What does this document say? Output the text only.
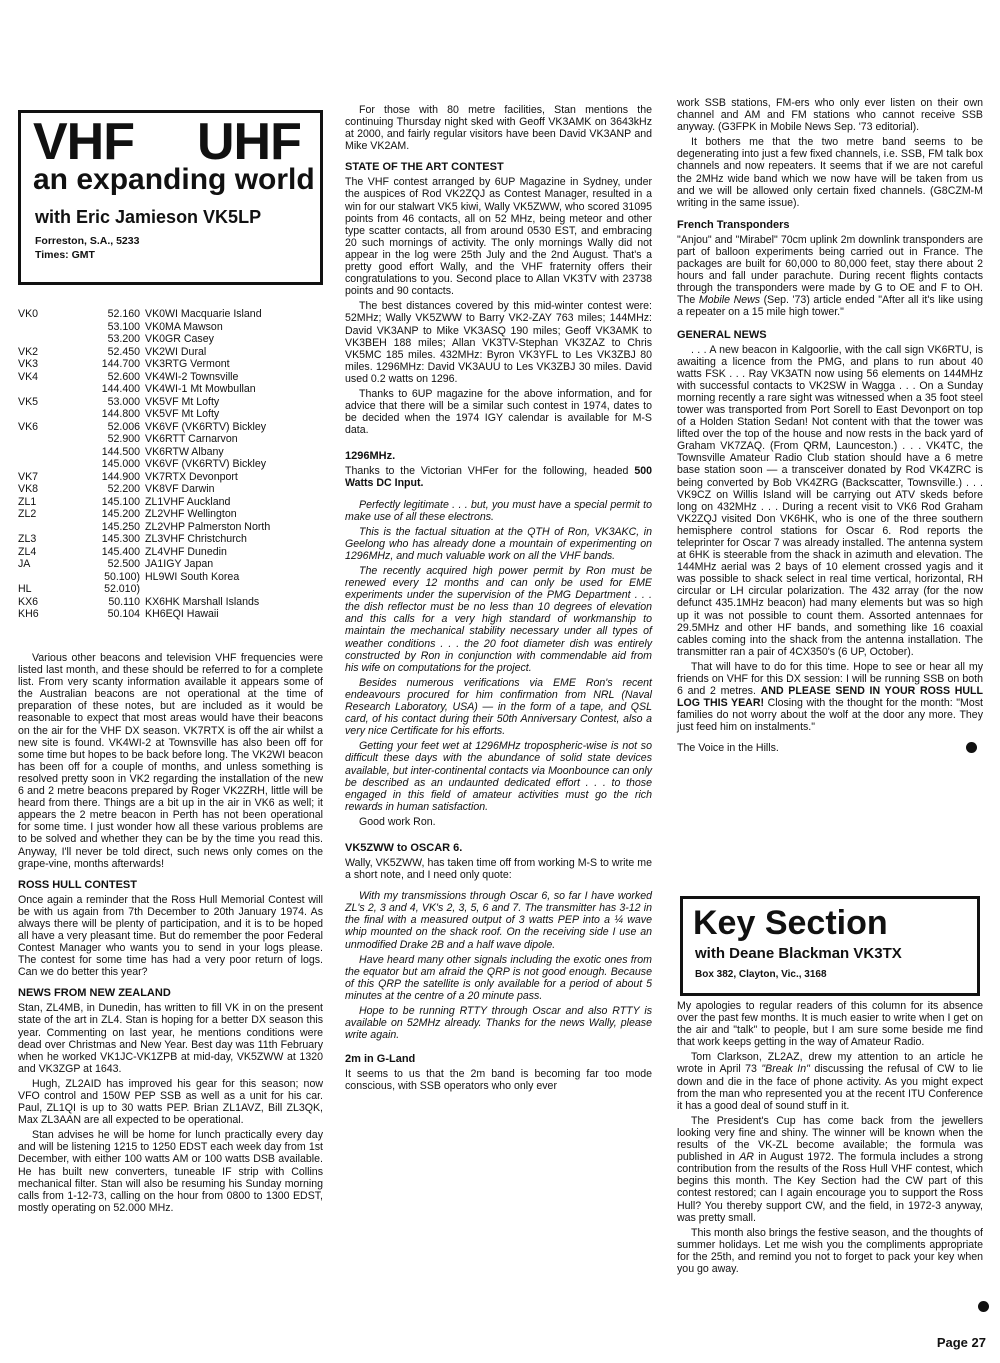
VHF UHF
an expanding world
with Eric Jamieson VK5LP
Forreston, S.A., 5233
Times: GMT
VK0	52.160	VK0WI Macquarie Island
	53.100	VK0MA Mawson
	53.200	VK0GR Casey
VK2	52.450	VK2WI Dural
VK3	144.700	VK3RTG Vermont
VK4	52.600	VK4WI-2 Townsville
	144.400	VK4WI-1 Mt Mowbullan
VK5	53.000	VK5VF Mt Lofty
	144.800	VK5VF Mt Lofty
VK6	52.006	VK6VF (VK6RTV) Bickley
	52.900	VK6RTT Carnarvon
	144.500	VK6RTW Albany
	145.000	VK6VF (VK6RTV) Bickley
VK7	144.900	VK7RTX Devonport
VK8	52.200	VK8VF Darwin
ZL1	145.100	ZL1VHF Auckland
ZL2	145.200	ZL2VHF Wellington
	145.250	ZL2VHP Palmerston North
ZL3	145.300	ZL3VHF Christchurch
ZL4	145.400	ZL4VHF Dunedin
JA	52.500	JA1IGY Japan
	50.100)	HL9WI South Korea
HL	52.010)	
KX6	50.110	KX6HK Marshall Islands
KH6	50.104	KH6EQI Hawaii

Various other beacons and television VHF frequencies were listed last month, and these should be referred to for a complete list. From very scanty information available it appears some of the Australian beacons are not operational at the time of preparation of these notes, but are included as it would be reasonable to expect that most areas would have their beacons on the air for the VHF DX season. VK7RTX is off the air whilst a new site is found. VK4WI-2 at Townsville has also been off for some time but hopes to be back before long. The VK2WI beacon has been off for a couple of months, and unless something is resolved pretty soon in VK2 regarding the installation of the new 6 and 2 metre beacons prepared by Roger VK2ZRH, little will be heard from there. Things are a bit up in the air in VK6 as well; it appears the 2 metre beacon in Perth has not been operational for some time. I just wonder how all these various problems are to be solved and whether they can be by the time you read this. Anyway, I'll never be told direct, such news only comes on the grape-vine, months afterwards!

ROSS HULL CONTEST

Once again a reminder that the Ross Hull Memorial Contest will be with us again from 7th December to 20th January 1974. As always there will be plenty of participation, and it is to be hoped all have a very pleasant time. But do remember the poor Federal Contest Manager who wants you to send in your logs please. The contest for some time has had a very poor return of logs. Can we do better this year?

NEWS FROM NEW ZEALAND

Stan, ZL4MB, in Dunedin, has written to fill VK in on the present state of the art in ZL4. Stan is hoping for a better DX season this year. Commenting on last year, he mentions conditions were dead over Christmas and New Year. Best day was 11th February when he worked VK1JC-VK1ZPB at mid-day, VK5ZWW at 1320 and VK3ZGP at 1643.

Hugh, ZL2AID has improved his gear for this season; now VFO control and 150W PEP SSB as well as a unit for his car. Paul, ZL1QI is up to 30 watts PEP. Brian ZL1AVZ, Bill ZL3QK, Max ZL3AAN are all expected to be operational.

Stan advises he will be home for lunch practically every day and will be listening 1215 to 1250 EDST each week day from 1st December, with either 100 watts AM or 100 watts DSB available. He has built new converters, tuneable IF strip with Collins mechanical filter. Stan will also be resuming his Sunday morning calls from 1-12-73, calling on the hour from 0800 to 1300 EDST, mostly operating on 52.000 MHz.

For those with 80 metre facilities, Stan mentions the continuing Thursday night sked with Geoff VK3AMK on 3643kHz at 2000, and fairly regular visitors have been David VK3ANP and Mike VK2AM.

STATE OF THE ART CONTEST

The VHF contest arranged by 6UP Magazine in Sydney, under the auspices of Rod VK2ZQJ as Contest Manager, resulted in a win for our stalwart VK5 kiwi, Wally VK5ZWW, who scored 31095 points from 46 contacts, all on 52 MHz, being meteor and other type scatter contacts, all from around 0530 EST, and embracing 20 such mornings of activity. The only mornings Wally did not appear in the log were 25th July and the 2nd August. That's a pretty good effort Wally, and the VHF fraternity offers their congratulations to you. Second place to Allan VK3TV with 23738 points and 90 contacts.

The best distances covered by this mid-winter contest were: 52MHz; Wally VK5ZWW to Barry VK2-ZAY 763 miles; 144MHz: David VK3ANP to Mike VK3ASQ 190 miles; Geoff VK3AMK to VK3BEH 188 miles; Allan VK3TV-Stephan VK3ZAZ to Chris VK5MC 185 miles. 432MHz: Byron VK3YFL to Les VK3ZBJ 80 miles. 1296MHz: David VK3AUU to Les VK3ZBJ 30 miles. David used 0.2 watts on 1296.

Thanks to 6UP magazine for the above information, and for advice that there will be a similar such contest in 1974, dates to be decided when the 1974 IGY calendar is available for M-S data.

1296MHz.

Thanks to the Victorian VHFer for the following, headed 500 Watts DC Input.

Perfectly legitimate . . . but, you must have a special permit to make use of all these electrons.

This is the factual situation at the QTH of Ron, VK3AKC, in Geelong who has already done a mountain of experimenting on 1296MHz, and much valuable work on all the VHF bands.

The recently acquired high power permit by Ron must be renewed every 12 months and can only be used for EME experiments under the supervision of the PMG Department . . . the dish reflector must be no less than 10 degrees of elevation and this calls for a very high standard of workmanship to maintain the mechanical stability necessary under all types of weather conditions . . . the 20 foot diameter dish was entirely constructed by Ron in conjunction with commendable aid from his wife on computations for the project.

Besides numerous verifications via EME Ron's recent endeavours procured for him confirmation from NRL (Naval Research Laboratory, USA) — in the form of a tape, and QSL card, of his contact during their 50th Anniversary Contest, also a very nice Certificate for his efforts.

Getting your feet wet at 1296MHz tropospheric-wise is not so difficult these days with the abundance of solid state devices available, but inter-continental contacts via Moonbounce can only be described as an undaunted dedicated effort . . . to those engaged in this field of amateur activities must go the rich rewards in human satisfaction.

Good work Ron.

VK5ZWW to OSCAR 6.

Wally, VK5ZWW, has taken time off from working M-S to write me a short note, and I need only quote:

With my transmissions through Oscar 6, so far I have worked ZL's 2, 3 and 4, VK's 2, 3, 5, 6 and 7. The transmitter has 3-12 in the final with a measured output of 3 watts PEP into a ¼ wave whip mounted on the shack roof. On the receiving side I use an unmodified Drake 2B and a half wave dipole.

Have heard many other signals including the exotic ones from the equator but am afraid the QRP is not good enough. Because of this QRP the satellite is only available for a period of about 5 minutes at the centre of a 20 minute pass.

Hope to be running RTTY through Oscar and also RTTY is available on 52MHz already. Thanks for the news Wally, please write again.

2m in G-Land

It seems to us that the 2m band is becoming far too mode conscious, with SSB operators who only ever

work SSB stations, FM-ers who only ever listen on their own channel and AM and FM stations who cannot receive SSB anyway. (G3FPK in Mobile News Sep. '73 editorial).

It bothers me that the two metre band seems to be degenerating into just a few fixed channels, i.e. SSB, FM talk box channels and now repeaters. It seems that if we are not careful the 2MHz wide band which we now have will be taken from us and we will be allowed only certain fixed channels. (G8CZM-M writing in the same issue).

French Transponders

"Anjou" and "Mirabel" 70cm uplink 2m downlink transponders are part of balloon experiments being carried out in France. The packages are built for 60,000 to 80,000 feet, stay there about 2 hours and fall under parachute. During recent flights contacts through the transponders were made by G to OE and F to OH. The Mobile News (Sep. '73) article ended "After all it's like using a repeater on a 15 mile high tower."

GENERAL NEWS

. . . A new beacon in Kalgoorlie, with the call sign VK6RTU, is awaiting a licence from the PMG, and plans to run about 40 watts FSK . . . Ray VK3ATN now using 56 elements on 144MHz with successful contacts to VK2SW in Wagga . . . On a Sunday morning recently a rare sight was witnessed when a 35 foot steel tower was transported from Port Sorell to East Devonport on top of a Holden Station Sedan! Not content with that the tower was lifted over the top of the house and now rests in the back yard of Graham VK7ZAQ. (From QRM, Launceston.) . . . VK4TC, the Townsville Amateur Radio Club station should have a 6 metre base station soon — a transceiver donated by Rod VK4ZRC is being converted by Bob VK4ZRG (Backscatter, Townsville.) . . . VK9CZ on Willis Island will be carrying out ATV skeds before long on 432MHz . . . During a recent visit to VK6 Rod Graham VK2ZQJ visited Don VK6HK, who is one of the three southern hemisphere control stations for Oscar 6. Rod reports the teleprinter for Oscar 7 was already installed. The antenna system at 6HK is steerable from the shack in azimuth and elevation. The 144MHz aerial was 2 bays of 10 element crossed yagis and it was possible to shack select in real time vertical, horizontal, RH circular or LH circular polarization. The 432 array (for the now defunct 435.1MHz beacon) had many elements but was so high up it was not possible to count them. Assorted antennaes for 29.5MHz and other HF bands, and something like 16 coaxial cables coming into the shack from the antenna installation. The transmitter ran a pair of 4CX350's (6 UP, October).

That will have to do for this time. Hope to see or hear all my friends on VHF for this DX session: I will be running SSB on both 6 and 2 metres. AND PLEASE SEND IN YOUR ROSS HULL LOG THIS YEAR! Closing with the thought for the month: "Most families do not worry about the wolf at the door any more. They just feed him on instalments."

The Voice in the Hills.

Key Section
with Deane Blackman VK3TX
Box 382, Clayton, Vic., 3168

My apologies to regular readers of this column for its absence over the past few months. It is much easier to write when I get on the air and "talk" to people, but I am sure some beside me find that work keeps getting in the way of Amateur Radio.

Tom Clarkson, ZL2AZ, drew my attention to an article he wrote in April 73 "Break In" discussing the refusal of CW to lie down and die in the face of phone activity. As you might expect from the man who represented you at the recent ITU Conference it has a good deal of sound stuff in it.

The President's Cup has come back from the jewellers looking very fine and shiny. The winner will be known when the results of the VK-ZL become available; the formula was published in AR in August 1972. The formula includes a strong contribution from the results of the Ross Hull VHF contest, which begins this month. The Key Section had the CW part of this contest restored; can I again encourage you to support the Ross Hull? You thereby support CW, and the field, in 1972-3 anyway, was pretty small.

This month also brings the festive season, and the thoughts of summer holidays. Let me wish you the compliments appropriate for the 25th, and remind you not to forget to pack your key when you go away.

Page 27
